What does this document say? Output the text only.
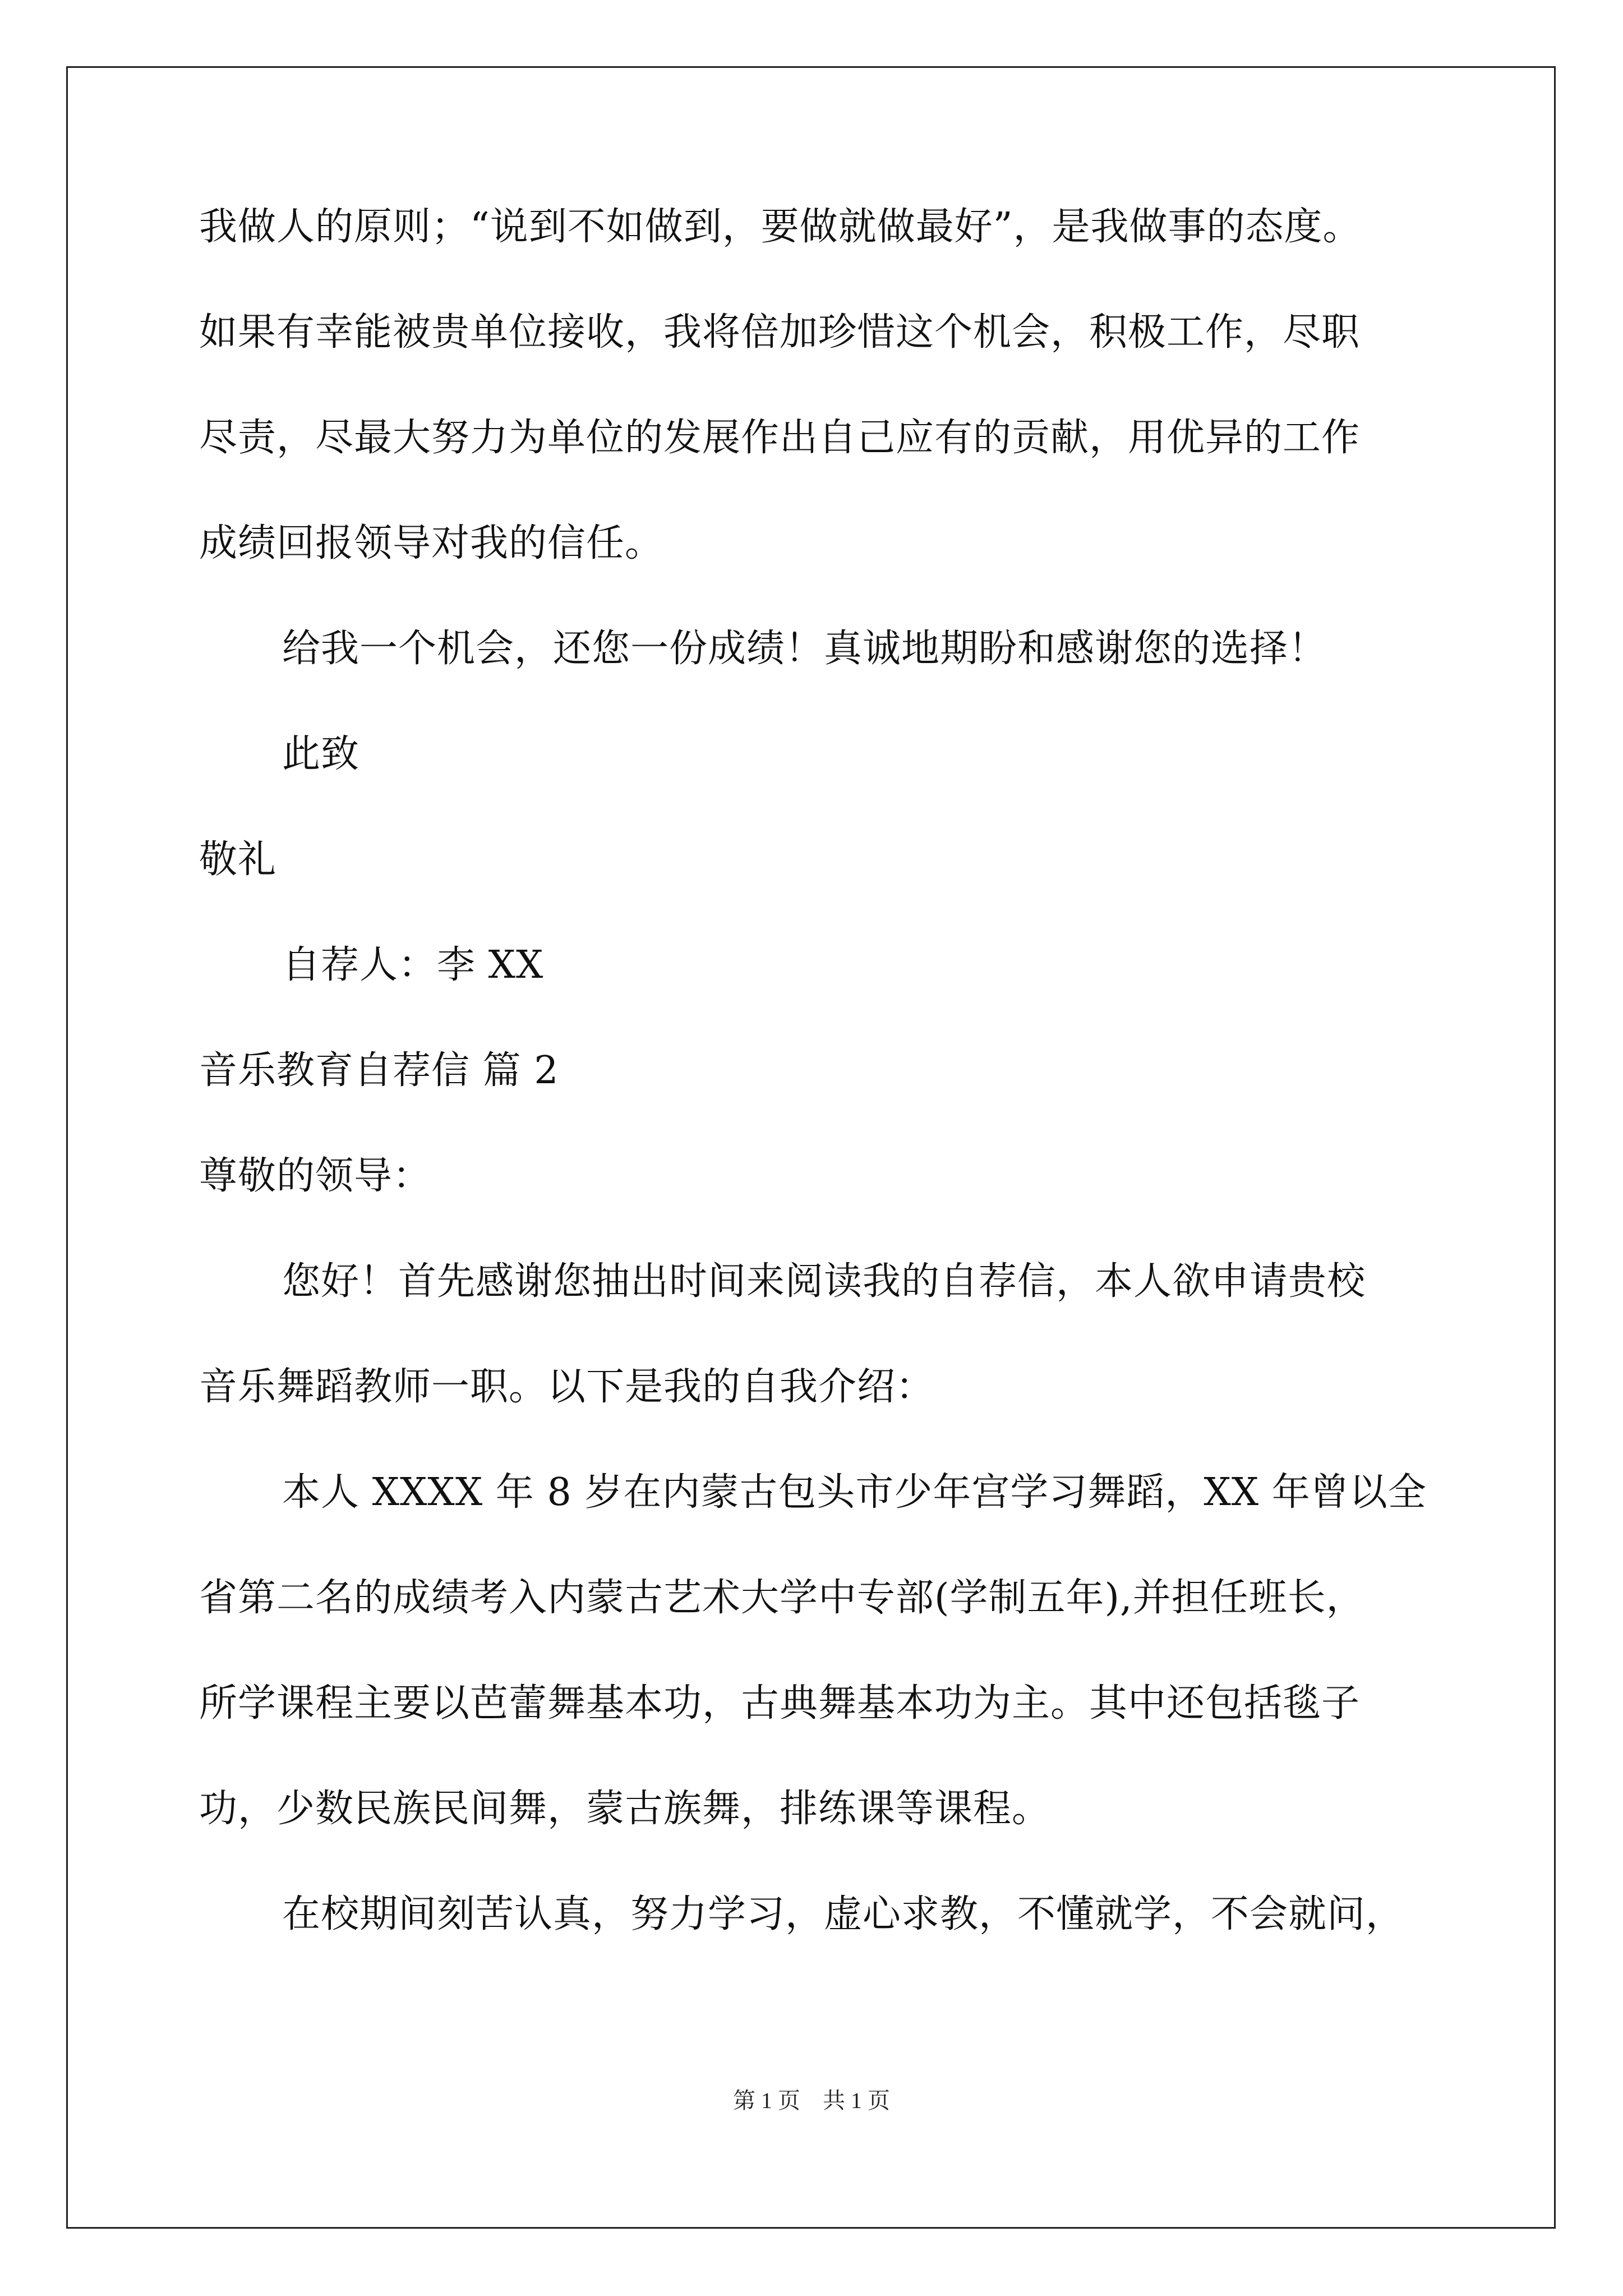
我做人的原则；“说到不如做到，要做就做最好”，是我做事的态度。
如果有幸能被贵单位接收，我将倍加珍惜这个机会，积极工作，尽职
尽责，尽最大努力为单位的发展作出自己应有的贡献，用优异的工作
成绩回报领导对我的信任。
给我一个机会，还您一份成绩！真诚地期盼和感谢您的选择！
此致
敬礼
自荐人：李 XX
音乐教育自荐信 篇 2
尊敬的领导：
您好！首先感谢您抽出时间来阅读我的自荐信，本人欲申请贵校
音乐舞蹈教师一职。以下是我的自我介绍：
本人 XXXX 年 8 岁在内蒙古包头市少年宫学习舞蹈，XX 年曾以全
省第二名的成绩考入内蒙古艺术大学中专部(学制五年),并担任班长，
所学课程主要以芭蕾舞基本功，古典舞基本功为主。其中还包括毯子
功，少数民族民间舞，蒙古族舞，排练课等课程。
在校期间刻苦认真，努力学习，虚心求教，不懂就学，不会就问，
第 1 页　共 1 页
